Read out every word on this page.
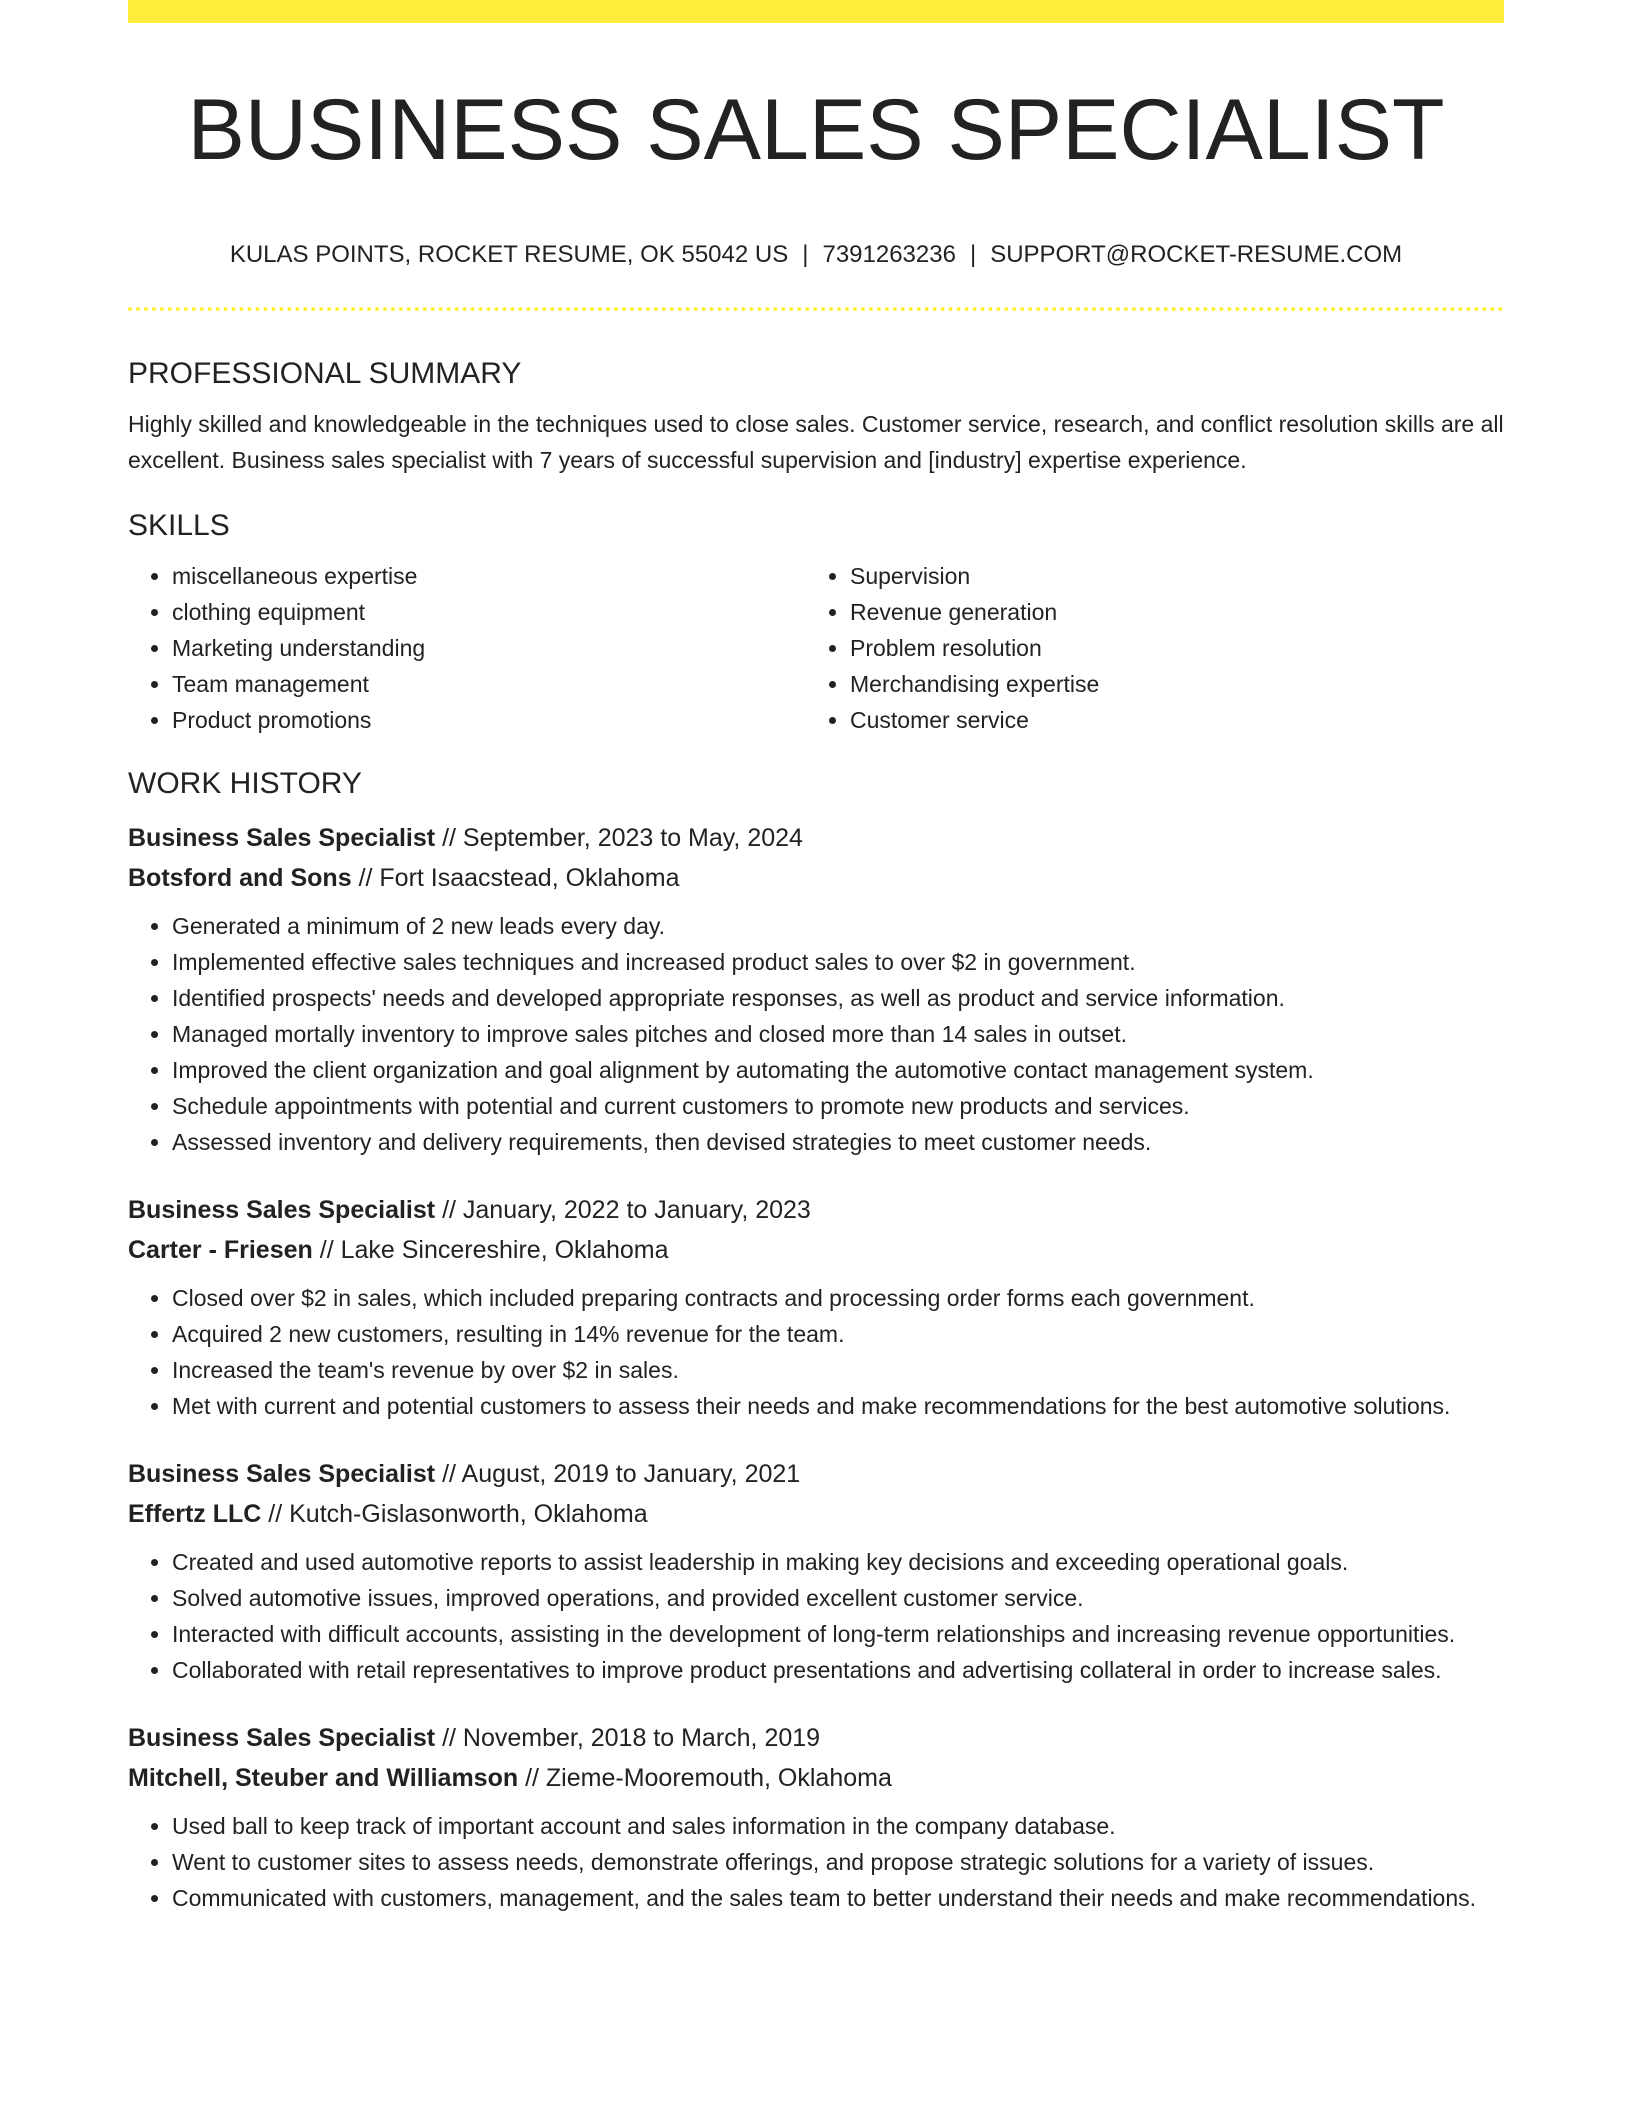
BUSINESS SALES SPECIALIST
KULAS POINTS, ROCKET RESUME, OK 55042 US | 7391263236 | SUPPORT@ROCKET-RESUME.COM
PROFESSIONAL SUMMARY

Highly skilled and knowledgeable in the techniques used to close sales. Customer service, research, and conflict resolution skills are all excellent. Business sales specialist with 7 years of successful supervision and [industry] expertise experience.

SKILLS
• miscellaneous expertise
• clothing equipment
• Marketing understanding
• Team management
• Product promotions
• Supervision
• Revenue generation
• Problem resolution
• Merchandising expertise
• Customer service
WORK HISTORY

Business Sales Specialist // September, 2023 to May, 2024

Botsford and Sons // Fort Isaacstead, Oklahoma

• Generated a minimum of 2 new leads every day.
• Implemented effective sales techniques and increased product sales to over $2 in government.
• Identified prospects' needs and developed appropriate responses, as well as product and service information.
• Managed mortally inventory to improve sales pitches and closed more than 14 sales in outset.
• Improved the client organization and goal alignment by automating the automotive contact management system.
• Schedule appointments with potential and current customers to promote new products and services.
• Assessed inventory and delivery requirements, then devised strategies to meet customer needs.

Business Sales Specialist // January, 2022 to January, 2023

Carter - Friesen // Lake Sincereshire, Oklahoma

• Closed over $2 in sales, which included preparing contracts and processing order forms each government.
• Acquired 2 new customers, resulting in 14% revenue for the team.
• Increased the team's revenue by over $2 in sales.
• Met with current and potential customers to assess their needs and make recommendations for the best automotive solutions.

Business Sales Specialist // August, 2019 to January, 2021

Effertz LLC // Kutch-Gislasonworth, Oklahoma

• Created and used automotive reports to assist leadership in making key decisions and exceeding operational goals.
• Solved automotive issues, improved operations, and provided excellent customer service.
• Interacted with difficult accounts, assisting in the development of long-term relationships and increasing revenue opportunities.
• Collaborated with retail representatives to improve product presentations and advertising collateral in order to increase sales.

Business Sales Specialist // November, 2018 to March, 2019

Mitchell, Steuber and Williamson // Zieme-Mooremouth, Oklahoma

• Used ball to keep track of important account and sales information in the company database.
• Went to customer sites to assess needs, demonstrate offerings, and propose strategic solutions for a variety of issues.
• Communicated with customers, management, and the sales team to better understand their needs and make recommendations.
